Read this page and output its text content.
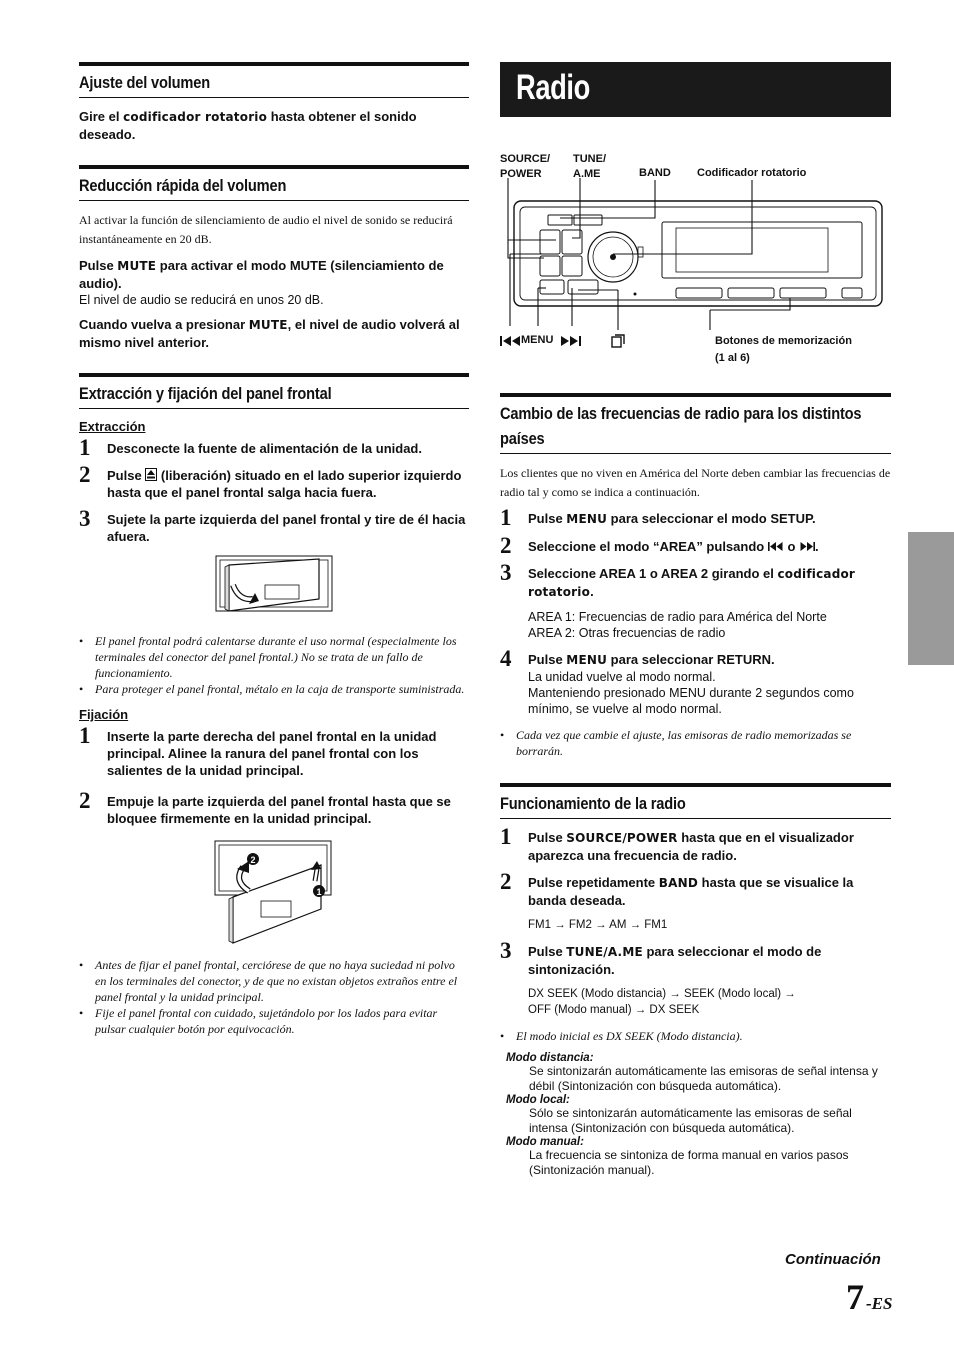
Ajuste del volumen

Gire el codificador rotatorio hasta obtener el sonido deseado.

Reducción rápida del volumen

Al activar la función de silenciamiento de audio el nivel de sonido se reducirá instantáneamente en 20 dB.

Pulse MUTE para activar el modo MUTE (silenciamiento de audio).

El nivel de audio se reducirá en unos 20 dB.

Cuando vuelva a presionar MUTE, el nivel de audio volverá al mismo nivel anterior.

Extracción y fijación del panel frontal
Extracción
1 Desconecte la fuente de alimentación de la unidad.

2 Pulse  (liberación) situado en el lado superior izquierdo hasta que el panel frontal salga hacia fuera.

3 Sujete la parte izquierda del panel frontal y tire de él hacia afuera.

• El panel frontal podrá calentarse durante el uso normal (especialmente los terminales del conector del panel frontal.) No se trata de un fallo de funcionamiento.

• Para proteger el panel frontal, métalo en la caja de transporte suministrada.

Fijación
1 Inserte la parte derecha del panel frontal en la unidad principal. Alinee la ranura del panel frontal con los salientes de la unidad principal.

2 Empuje la parte izquierda del panel frontal hasta que se bloquee firmemente en la unidad principal.

2
1

• Antes de fijar el panel frontal, cerciórese de que no haya suciedad ni polvo en los terminales del conector, y de que no existan objetos extraños entre el panel frontal y la unidad principal.

• Fije el panel frontal con cuidado, sujetándolo por los lados para evitar pulsar cualquier botón por equivocación.

Radio
SOURCE/
POWER
TUNE/
A.ME	BAND Codificador rotatorio
MENU	Botones de memorización
(1 al 6)
Cambio de las frecuencias de radio para los distintos países

Los clientes que no viven en América del Norte deben cambiar las frecuencias de radio tal y como se indica a continuación.

1 Pulse MENU para seleccionar el modo SETUP.

2 Seleccione el modo “AREA” pulsando  o .

3 Seleccione AREA 1 o AREA 2 girando el codificador rotatorio.

AREA 1: Frecuencias de radio para América del Norte

AREA 2: Otras frecuencias de radio

4 Pulse MENU para seleccionar RETURN.

La unidad vuelve al modo normal.

Manteniendo presionado MENU durante 2 segundos como mínimo, se vuelve al modo normal.

• Cada vez que cambie el ajuste, las emisoras de radio memorizadas se borrarán.

Funcionamiento de la radio
1 Pulse SOURCE/POWER hasta que en el visualizador aparezca una frecuencia de radio.

2 Pulse repetidamente BAND hasta que se visualice la banda deseada.

FM1 → FM2 → AM → FM1

3 Pulse TUNE/A.ME para seleccionar el modo de sintonización.

DX SEEK (Modo distancia) → SEEK (Modo local) →

OFF (Modo manual) → DX SEEK

• El modo inicial es DX SEEK (Modo distancia).

Modo distancia:

Se sintonizarán automáticamente las emisoras de señal intensa y débil (Sintonización con búsqueda automática).

Modo local:

Sólo se sintonizarán automáticamente las emisoras de señal intensa (Sintonización con búsqueda automática).

Modo manual:

La frecuencia se sintoniza de forma manual en varios pasos (Sintonización manual).

Continuación
7 -ES
